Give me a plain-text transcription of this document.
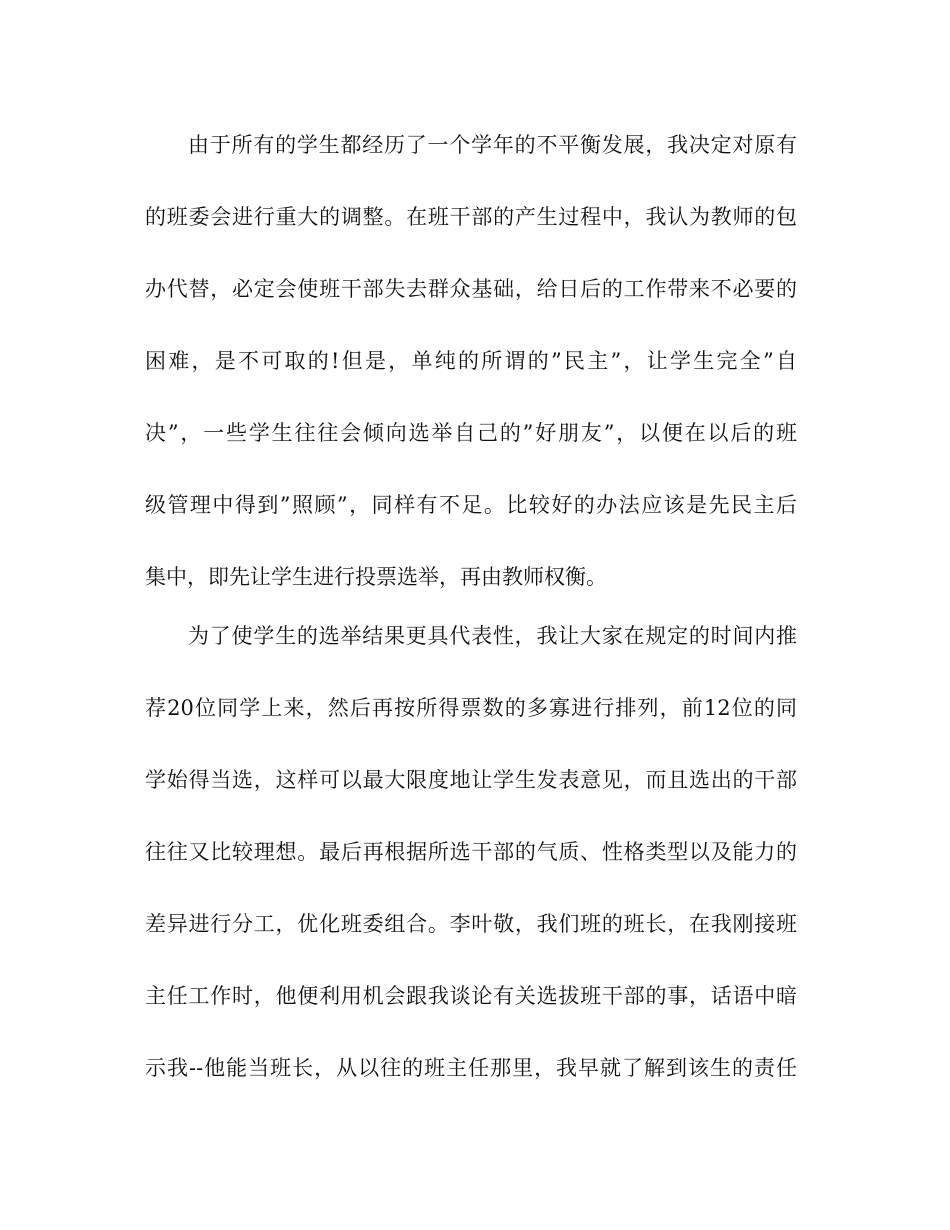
由于所有的学生都经历了一个学年的不平衡发展，我决定对原有
的班委会进行重大的调整。在班干部的产生过程中，我认为教师的包
办代替，必定会使班干部失去群众基础，给日后的工作带来不必要的
困难，是不可取的!但是，单纯的所谓的”民主”，让学生完全”自
决”，一些学生往往会倾向选举自己的”好朋友”，以便在以后的班
级管理中得到”照顾”，同样有不足。比较好的办法应该是先民主后
集中，即先让学生进行投票选举，再由教师权衡。
为了使学生的选举结果更具代表性，我让大家在规定的时间内推
荐20位同学上来，然后再按所得票数的多寡进行排列，前12位的同
学始得当选，这样可以最大限度地让学生发表意见，而且选出的干部
往往又比较理想。最后再根据所选干部的气质、性格类型以及能力的
差异进行分工，优化班委组合。李叶敬，我们班的班长，在我刚接班
主任工作时，他便利用机会跟我谈论有关选拔班干部的事，话语中暗
示我--他能当班长，从以往的班主任那里，我早就了解到该生的责任
